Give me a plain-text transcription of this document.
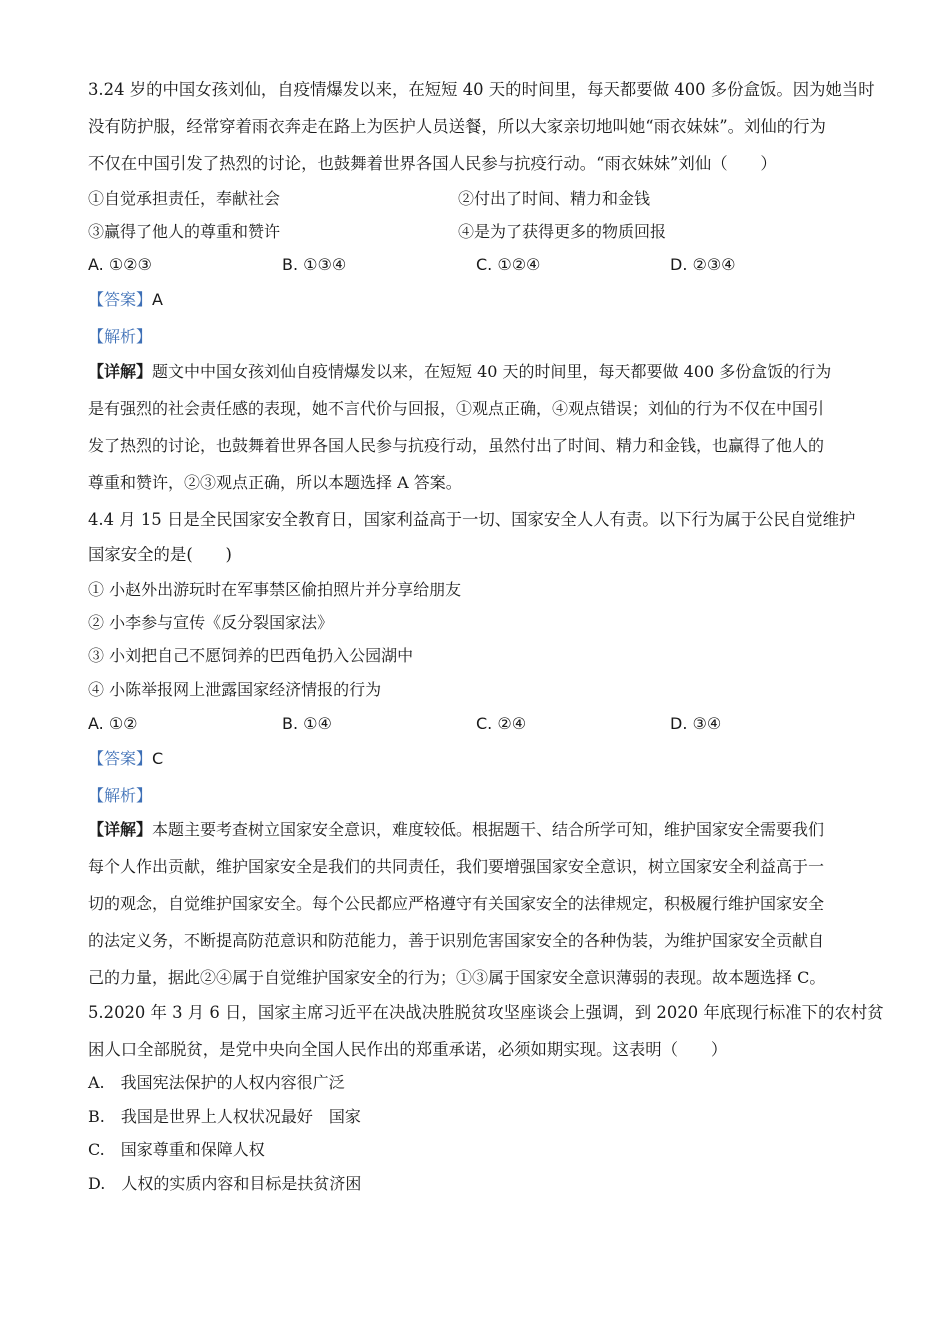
3.24 岁的中国女孩刘仙，自疫情爆发以来，在短短 40 天的时间里，每天都要做 400 多份盒饭。因为她当时
没有防护服，经常穿着雨衣奔走在路上为医护人员送餐，所以大家亲切地叫她“雨衣妹妹”。刘仙的行为
不仅在中国引发了热烈的讨论，也鼓舞着世界各国人民参与抗疫行动。“雨衣妹妹”刘仙（　　）
①自觉承担责任，奉献社会	②付出了时间、精力和金钱
③赢得了他人的尊重和赞许	④是为了获得更多的物质回报
A. ①②③	B. ①③④	C. ①②④	D. ②③④
【答案】A
【解析】
【详解】题文中中国女孩刘仙自疫情爆发以来，在短短 40 天的时间里，每天都要做 400 多份盒饭的行为
是有强烈的社会责任感的表现，她不言代价与回报，①观点正确，④观点错误；刘仙的行为不仅在中国引
发了热烈的讨论，也鼓舞着世界各国人民参与抗疫行动，虽然付出了时间、精力和金钱，也赢得了他人的
尊重和赞许，②③观点正确，所以本题选择 A 答案。
4.4 月 15 日是全民国家安全教育日，国家利益高于一切、国家安全人人有责。以下行为属于公民自觉维护
国家安全的是(　　)
① 小赵外出游玩时在军事禁区偷拍照片并分享给朋友
② 小李参与宣传《反分裂国家法》
③ 小刘把自己不愿饲养的巴西龟扔入公园湖中
④ 小陈举报网上泄露国家经济情报的行为
A. ①②	B. ①④	C. ②④	D. ③④
【答案】C
【解析】
【详解】本题主要考查树立国家安全意识，难度较低。根据题干、结合所学可知，维护国家安全需要我们
每个人作出贡献，维护国家安全是我们的共同责任，我们要增强国家安全意识，树立国家安全利益高于一
切的观念，自觉维护国家安全。每个公民都应严格遵守有关国家安全的法律规定，积极履行维护国家安全
的法定义务，不断提高防范意识和防范能力，善于识别危害国家安全的各种伪装，为维护国家安全贡献自
己的力量，据此②④属于自觉维护国家安全的行为；①③属于国家安全意识薄弱的表现。故本题选择 C。
5.2020 年 3 月 6 日，国家主席习近平在决战决胜脱贫攻坚座谈会上强调，到 2020 年底现行标准下的农村贫
困人口全部脱贫，是党中央向全国人民作出的郑重承诺，必须如期实现。这表明（　　）
A.　我国宪法保护的人权内容很广泛
B.　我国是世界上人权状况最好　国家
C.　国家尊重和保障人权
D.　人权的实质内容和目标是扶贫济困
